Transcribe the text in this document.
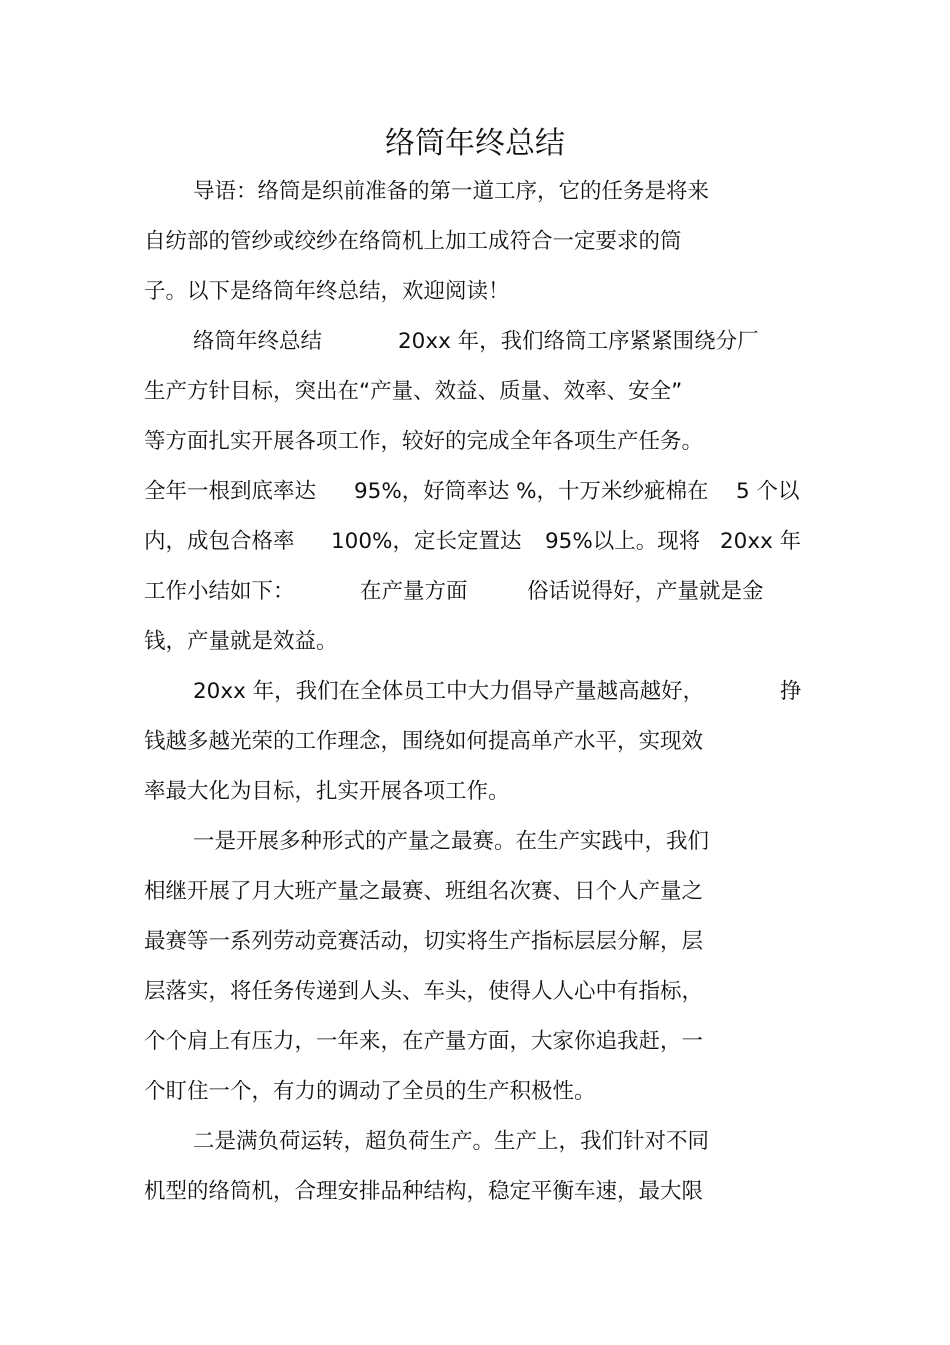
络筒年终总结
导语：络筒是织前准备的第一道工序，它的任务是将来
自纺部的管纱或绞纱在络筒机上加工成符合一定要求的筒
子。以下是络筒年终总结，欢迎阅读！
络筒年终总结	20xx 年，我们络筒工序紧紧围绕分厂
生产方针目标，突出在“产量、效益、质量、效率、安全”
等方面扎实开展各项工作，较好的完成全年各项生产任务。
全年一根到底率达 95%，好筒率达 %，十万米纱疵棉在 5 个以
内，成包合格率 100%，定长定置达 95%以上。现将 20xx 年
工作小结如下：	在产量方面	俗话说得好，产量就是金
钱，产量就是效益。
20xx 年，我们在全体员工中大力倡导产量越高越好，	挣
钱越多越光荣的工作理念，围绕如何提高单产水平，实现效
率最大化为目标，扎实开展各项工作。
一是开展多种形式的产量之最赛。在生产实践中，我们
相继开展了月大班产量之最赛、班组名次赛、日个人产量之
最赛等一系列劳动竞赛活动，切实将生产指标层层分解，层
层落实，将任务传递到人头、车头，使得人人心中有指标，
个个肩上有压力，一年来，在产量方面，大家你追我赶，一
个盯住一个，有力的调动了全员的生产积极性。
二是满负荷运转，超负荷生产。生产上，我们针对不同
机型的络筒机，合理安排品种结构，稳定平衡车速，最大限
